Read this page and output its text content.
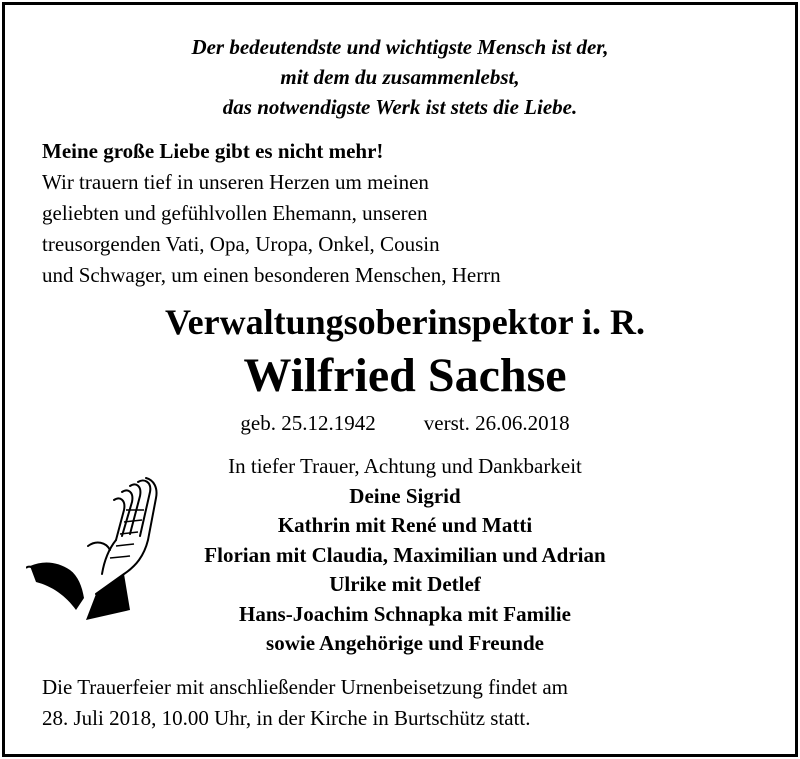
Der bedeutendste und wichtigste Mensch ist der,
mit dem du zusammenlebst,
das notwendigste Werk ist stets die Liebe.
Meine große Liebe gibt es nicht mehr!
Wir trauern tief in unseren Herzen um meinen
geliebten und gefühlvollen Ehemann, unseren
treusorgenden Vati, Opa, Uropa, Onkel, Cousin
und Schwager, um einen besonderen Menschen, Herrn
Verwaltungsoberinspektor i. R.
Wilfried Sachse
geb. 25.12.1942 verst. 26.06.2018
In tiefer Trauer, Achtung und Dankbarkeit
Deine Sigrid
Kathrin mit René und Matti
Florian mit Claudia, Maximilian und Adrian
Ulrike mit Detlef
Hans-Joachim Schnapka mit Familie
sowie Angehörige und Freunde
Die Trauerfeier mit anschließender Urnenbeisetzung findet am
28. Juli 2018, 10.00 Uhr, in der Kirche in Burtschütz statt.
